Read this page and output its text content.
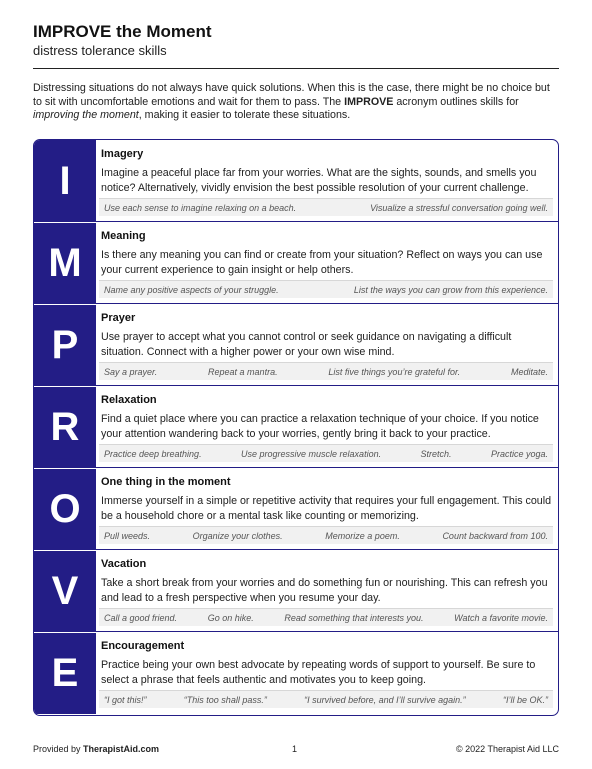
IMPROVE the Moment
distress tolerance skills
Distressing situations do not always have quick solutions. When this is the case, there might be no choice but to sit with uncomfortable emotions and wait for them to pass. The IMPROVE acronym outlines skills for improving the moment, making it easier to tolerate these situations.
I
Imagery
Imagine a peaceful place far from your worries. What are the sights, sounds, and smells you notice? Alternatively, vividly envision the best possible resolution of your current challenge.
Use each sense to imagine relaxing on a beach.	Visualize a stressful conversation going well.
M
Meaning
Is there any meaning you can find or create from your situation? Reflect on ways you can use your current experience to gain insight or help others.
Name any positive aspects of your struggle.	List the ways you can grow from this experience.
P
Prayer
Use prayer to accept what you cannot control or seek guidance on navigating a difficult situation. Connect with a higher power or your own wise mind.
Say a prayer.	Repeat a mantra.	List five things you’re grateful for.	Meditate.
R
Relaxation
Find a quiet place where you can practice a relaxation technique of your choice. If you notice your attention wandering back to your worries, gently bring it back to your practice.
Practice deep breathing.	Use progressive muscle relaxation.	Stretch.	Practice yoga.
O
One thing in the moment
Immerse yourself in a simple or repetitive activity that requires your full engagement. This could be a household chore or a mental task like counting or memorizing.
Pull weeds.	Organize your clothes.	Memorize a poem.	Count backward from 100.
V
Vacation
Take a short break from your worries and do something fun or nourishing. This can refresh you and lead to a fresh perspective when you resume your day.
Call a good friend.	Go on hike.	Read something that interests you.	Watch a favorite movie.
E
Encouragement
Practice being your own best advocate by repeating words of support to yourself. Be sure to select a phrase that feels authentic and motivates you to keep going.
“I got this!”	“This too shall pass.”	“I survived before, and I’ll survive again.”	“I’ll be OK.”
Provided by TherapistAid.com	1	© 2022 Therapist Aid LLC
